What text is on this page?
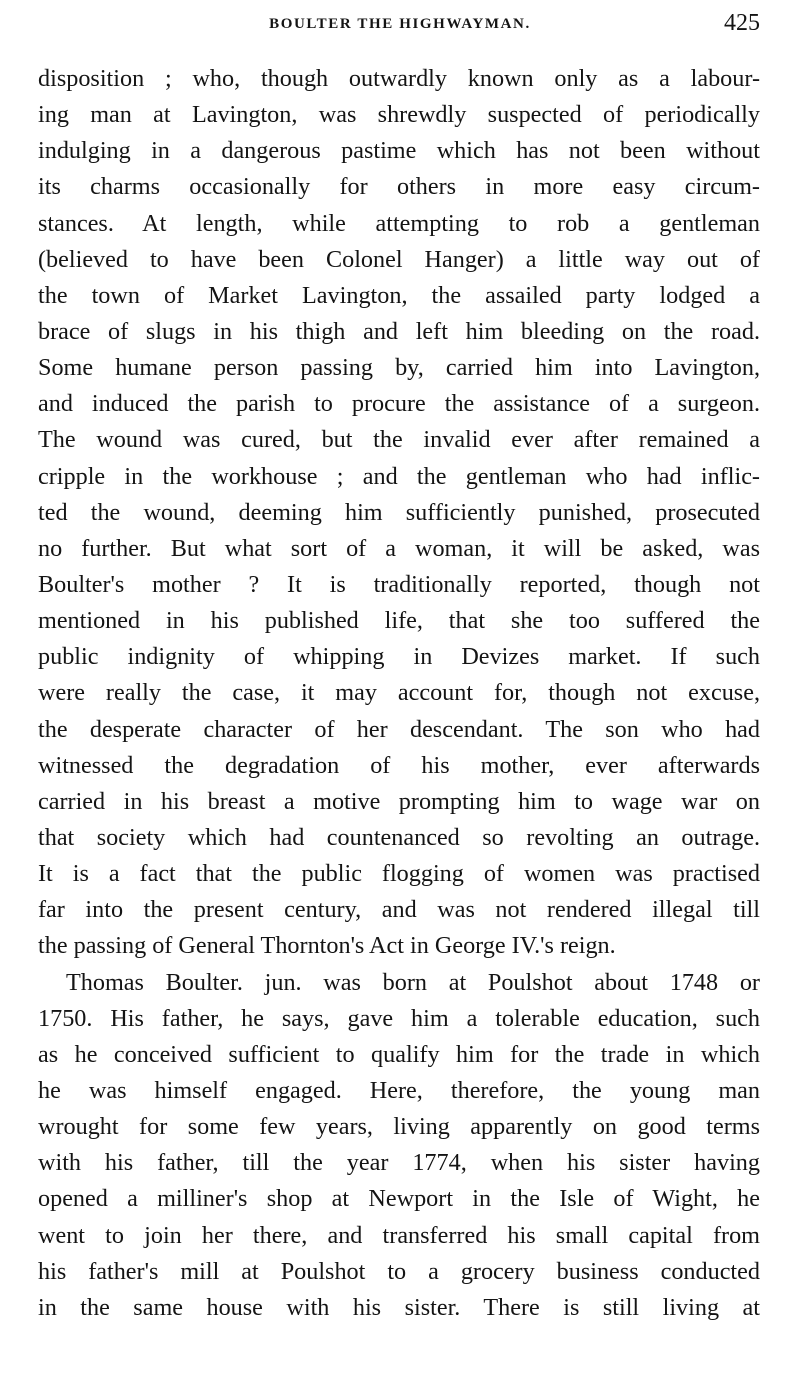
BOULTER THE HIGHWAYMAN.	425
disposition ; who, though outwardly known only as a labour-
ing man at Lavington, was shrewdly suspected of periodically
indulging in a dangerous pastime which has not been without
its charms occasionally for others in more easy circum-
stances. At length, while attempting to rob a gentleman
(believed to have been Colonel Hanger) a little way out of
the town of Market Lavington, the assailed party lodged a
brace of slugs in his thigh and left him bleeding on the road.
Some humane person passing by, carried him into Lavington,
and induced the parish to procure the assistance of a surgeon.
The wound was cured, but the invalid ever after remained a
cripple in the workhouse ; and the gentleman who had inflic-
ted the wound, deeming him sufficiently punished, prosecuted
no further. But what sort of a woman, it will be asked, was
Boulter's mother ? It is traditionally reported, though not
mentioned in his published life, that she too suffered the
public indignity of whipping in Devizes market. If such
were really the case, it may account for, though not excuse,
the desperate character of her descendant. The son who had
witnessed the degradation of his mother, ever afterwards
carried in his breast a motive prompting him to wage war on
that society which had countenanced so revolting an outrage.
It is a fact that the public flogging of women was practised
far into the present century, and was not rendered illegal till
the passing of General Thornton's Act in George IV.'s reign.
Thomas Boulter. jun. was born at Poulshot about 1748 or
1750. His father, he says, gave him a tolerable education, such
as he conceived sufficient to qualify him for the trade in which
he was himself engaged. Here, therefore, the young man
wrought for some few years, living apparently on good terms
with his father, till the year 1774, when his sister having
opened a milliner's shop at Newport in the Isle of Wight, he
went to join her there, and transferred his small capital from
his father's mill at Poulshot to a grocery business conducted
in the same house with his sister. There is still living at
